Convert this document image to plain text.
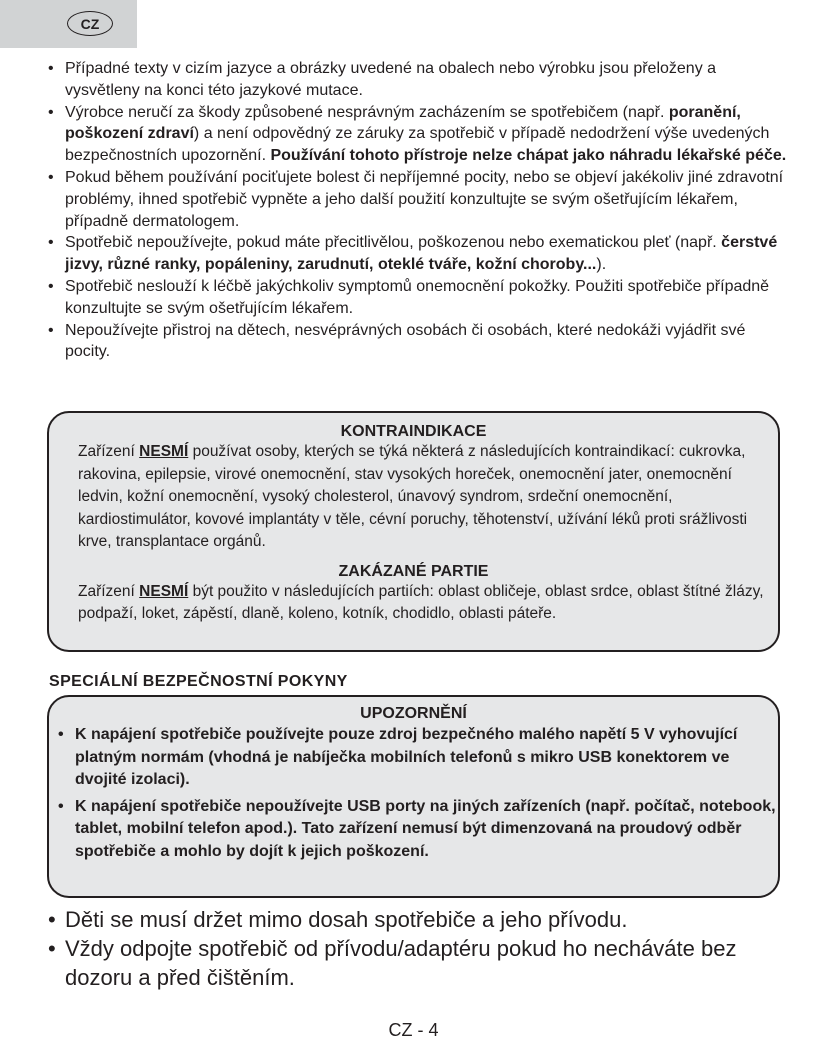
CZ
• Případné texty v cizím jazyce a obrázky uvedené na obalech nebo výrobku jsou přeloženy a vysvětleny na konci této jazykové mutace.
• Výrobce neručí za škody způsobené nesprávným zacházením se spotřebičem (např. poranění, poškození zdraví) a není odpovědný ze záruky za spotřebič v případě nedodržení výše uvedených bezpečnostních upozornění. Používání tohoto přístroje nelze chápat jako náhradu lékařské péče.
• Pokud během používání pociťujete bolest či nepříjemné pocity, nebo se objeví jakékoliv jiné zdravotní problémy, ihned spotřebič vypněte a jeho další použití konzultujte se svým ošetřujícím lékařem, případně dermatologem.
• Spotřebič nepoužívejte, pokud máte přecitlivělou, poškozenou nebo exematickou pleť (např. čerstvé jizvy, různé ranky, popáleniny, zarudnutí, oteklé tváře, kožní choroby...).
• Spotřebič neslouží k léčbě jakýchkoliv symptomů onemocnění pokožky. Použiti spotřebiče případně konzultujte se svým ošetřujícím lékařem.
• Nepoužívejte přistroj na dětech, nesvéprávných osobách či osobách, které nedokáži vyjádřit své pocity.
KONTRAINDIKACE
Zařízení NESMÍ používat osoby, kterých se týká některá z následujících kontraindikací: cukrovka, rakovina, epilepsie, virové onemocnění, stav vysokých horeček, onemocnění jater, onemocnění ledvin, kožní onemocnění, vysoký cholesterol, únavový syndrom, srdeční onemocnění, kardiostimulátor, kovové implantáty v těle, cévní poruchy, těhotenství, užívání léků proti srážlivosti krve, transplantace orgánů.
ZAKÁZANÉ PARTIE
Zařízení NESMÍ být použito v následujících partiích: oblast obličeje, oblast srdce, oblast štítné žlázy, podpaží, loket, zápěstí, dlaně, koleno, kotník, chodidlo, oblasti páteře.
SPECIÁLNÍ BEZPEČNOSTNÍ POKYNY
UPOZORNĚNÍ
• K napájení spotřebiče používejte pouze zdroj bezpečného malého napětí 5 V vyhovující platným normám (vhodná je nabíječka mobilních telefonů s mikro USB konektorem ve dvojité izolaci).
• K napájení spotřebiče nepoužívejte USB porty na jiných zařízeních (např. počítač, notebook, tablet, mobilní telefon apod.). Tato zařízení nemusí být dimenzovaná na proudový odběr spotřebiče a mohlo by dojít k jejich poškození.
• Děti se musí držet mimo dosah spotřebiče a jeho přívodu.
• Vždy odpojte spotřebič od přívodu/adaptéru pokud ho necháváte bez dozoru a před čištěním.
CZ - 4
